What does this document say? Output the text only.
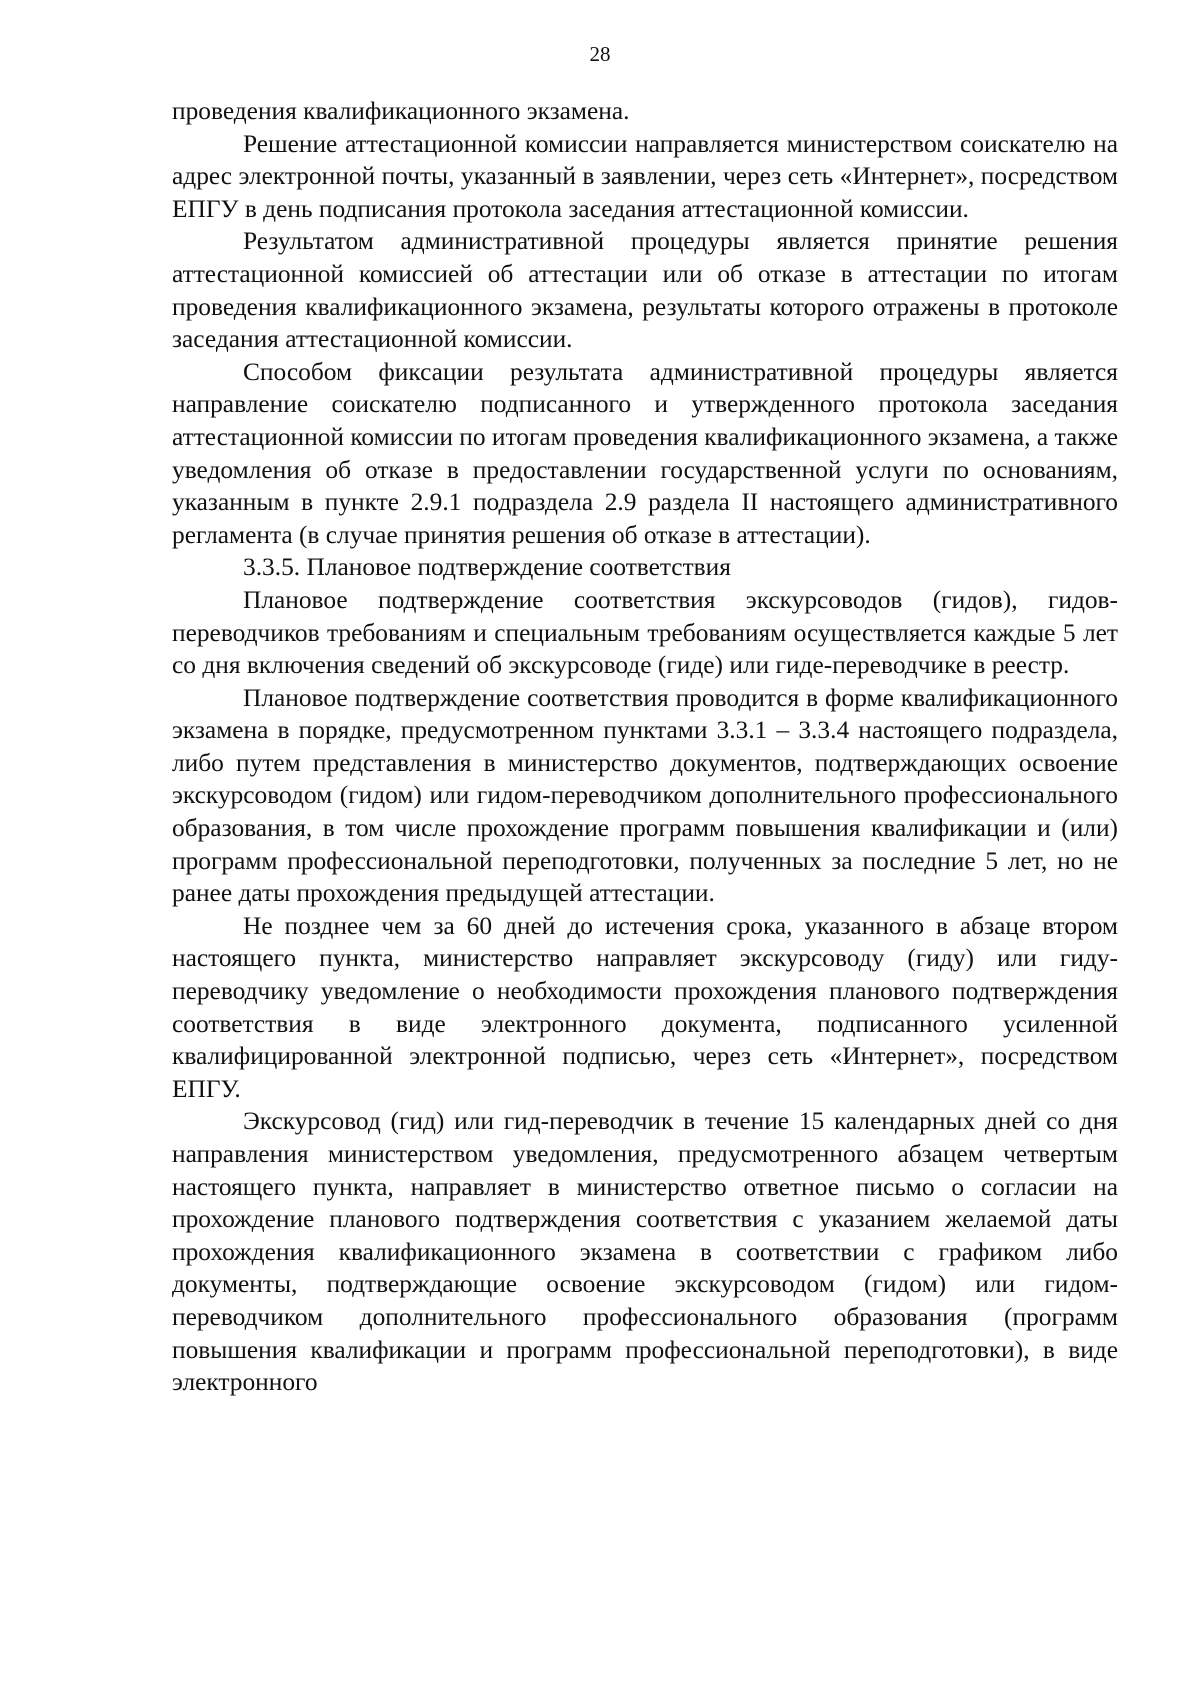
28

проведения квалификационного экзамена.

Решение аттестационной комиссии направляется министерством соискателю на адрес электронной почты, указанный в заявлении, через сеть «Интернет», посредством ЕПГУ в день подписания протокола заседания аттестационной комиссии.

Результатом административной процедуры является принятие решения аттестационной комиссией об аттестации или об отказе в аттестации по итогам проведения квалификационного экзамена, результаты которого отражены в протоколе заседания аттестационной комиссии.

Способом фиксации результата административной процедуры является направление соискателю подписанного и утвержденного протокола заседания аттестационной комиссии по итогам проведения квалификационного экзамена, а также уведомления об отказе в предоставлении государственной услуги по основаниям, указанным в пункте 2.9.1 подраздела 2.9 раздела II настоящего административного регламента (в случае принятия решения об отказе в аттестации).

3.3.5. Плановое подтверждение соответствия

Плановое подтверждение соответствия экскурсоводов (гидов), гидов-переводчиков требованиям и специальным требованиям осуществляется каждые 5 лет со дня включения сведений об экскурсоводе (гиде) или гиде-переводчике в реестр.

Плановое подтверждение соответствия проводится в форме квалификационного экзамена в порядке, предусмотренном пунктами 3.3.1 – 3.3.4 настоящего подраздела, либо путем представления в министерство документов, подтверждающих освоение экскурсоводом (гидом) или гидом-переводчиком дополнительного профессионального образования, в том числе прохождение программ повышения квалификации и (или) программ профессиональной переподготовки, полученных за последние 5 лет, но не ранее даты прохождения предыдущей аттестации.

Не позднее чем за 60 дней до истечения срока, указанного в абзаце втором настоящего пункта, министерство направляет экскурсоводу (гиду) или гиду-переводчику уведомление о необходимости прохождения планового подтверждения соответствия в виде электронного документа, подписанного усиленной квалифицированной электронной подписью, через сеть «Интернет», посредством ЕПГУ.

Экскурсовод (гид) или гид-переводчик в течение 15 календарных дней со дня направления министерством уведомления, предусмотренного абзацем четвертым настоящего пункта, направляет в министерство ответное письмо о согласии на прохождение планового подтверждения соответствия с указанием желаемой даты прохождения квалификационного экзамена в соответствии с графиком либо документы, подтверждающие освоение экскурсоводом (гидом) или гидом-переводчиком дополнительного профессионального образования (программ повышения квалификации и программ профессиональной переподготовки), в виде электронного
